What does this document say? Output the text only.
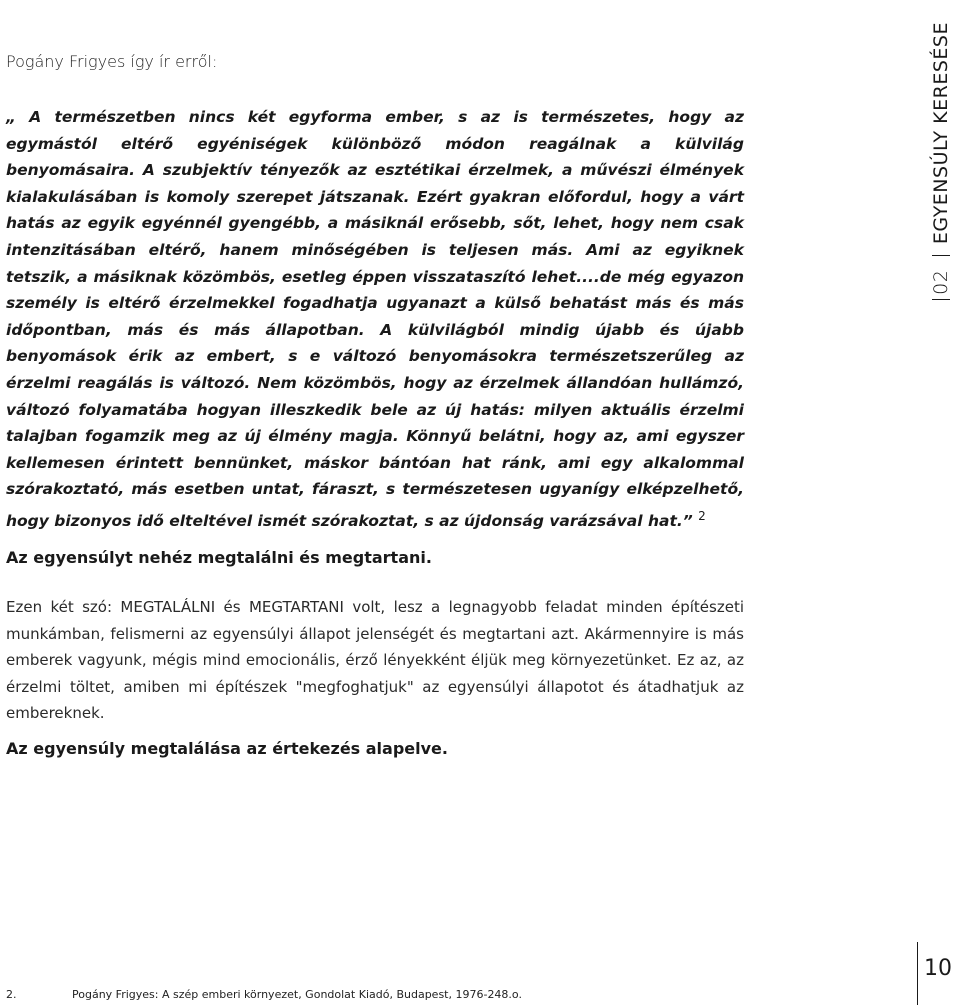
Pogány Frigyes így ír erről:
„ A természetben nincs két egyforma ember, s az is természetes, hogy az egymástól eltérő egyéniségek különböző módon reagálnak a külvilág benyomásaira. A szubjektív tényezők az esztétikai érzelmek, a művészi élmények kialakulásában is komoly szerepet játszanak. Ezért gyakran előfordul, hogy a várt hatás az egyik egyénnél gyengébb, a másiknál erősebb, sőt, lehet, hogy nem csak intenzitásában eltérő, hanem minőségében is teljesen más. Ami az egyiknek tetszik, a másiknak közömbös, esetleg éppen visszataszító lehet....de még egyazon személy is eltérő érzelmekkel fogadhatja ugyanazt a külső behatást más és más időpontban, más és más állapotban. A külvilágból mindig újabb és újabb benyomások érik az embert, s e változó benyomásokra természetszerűleg az érzelmi reagálás is változó. Nem közömbös, hogy az érzelmek állandóan hullámzó, változó folyamatába hogyan illeszkedik bele az új hatás: milyen aktuális érzelmi talajban fogamzik meg az új élmény magja. Könnyű belátni, hogy az, ami egyszer kellemesen érintett bennünket, máskor bántóan hat ránk, ami egy alkalommal szórakoztató, más esetben untat, fáraszt, s természetesen ugyanígy elképzelhető, hogy bizonyos idő elteltével ismét szórakoztat, s az újdonság varázsával hat.” $^2$
Az egyensúlyt nehéz megtalálni és megtartani.
Ezen két szó: MEGTALÁLNI és MEGTARTANI volt, lesz a legnagyobb feladat minden építészeti munkámban, felismerni az egyensúlyi állapot jelenségét és megtartani azt. Akármennyire is más emberek vagyunk, mégis mind emocionális, érző lényekként éljük meg környezetünket. Ez az, az érzelmi töltet, amiben mi építészek "megfoghatjuk" az egyensúlyi állapotot és átadhatjuk az embereknek.
Az egyensúly megtalálása az értekezés alapelve.
2.	Pogány Frigyes: A szép emberi környezet, Gondolat Kiadó, Budapest, 1976-248.o.
02 EGYENSÚLY KERESÉSE
10
